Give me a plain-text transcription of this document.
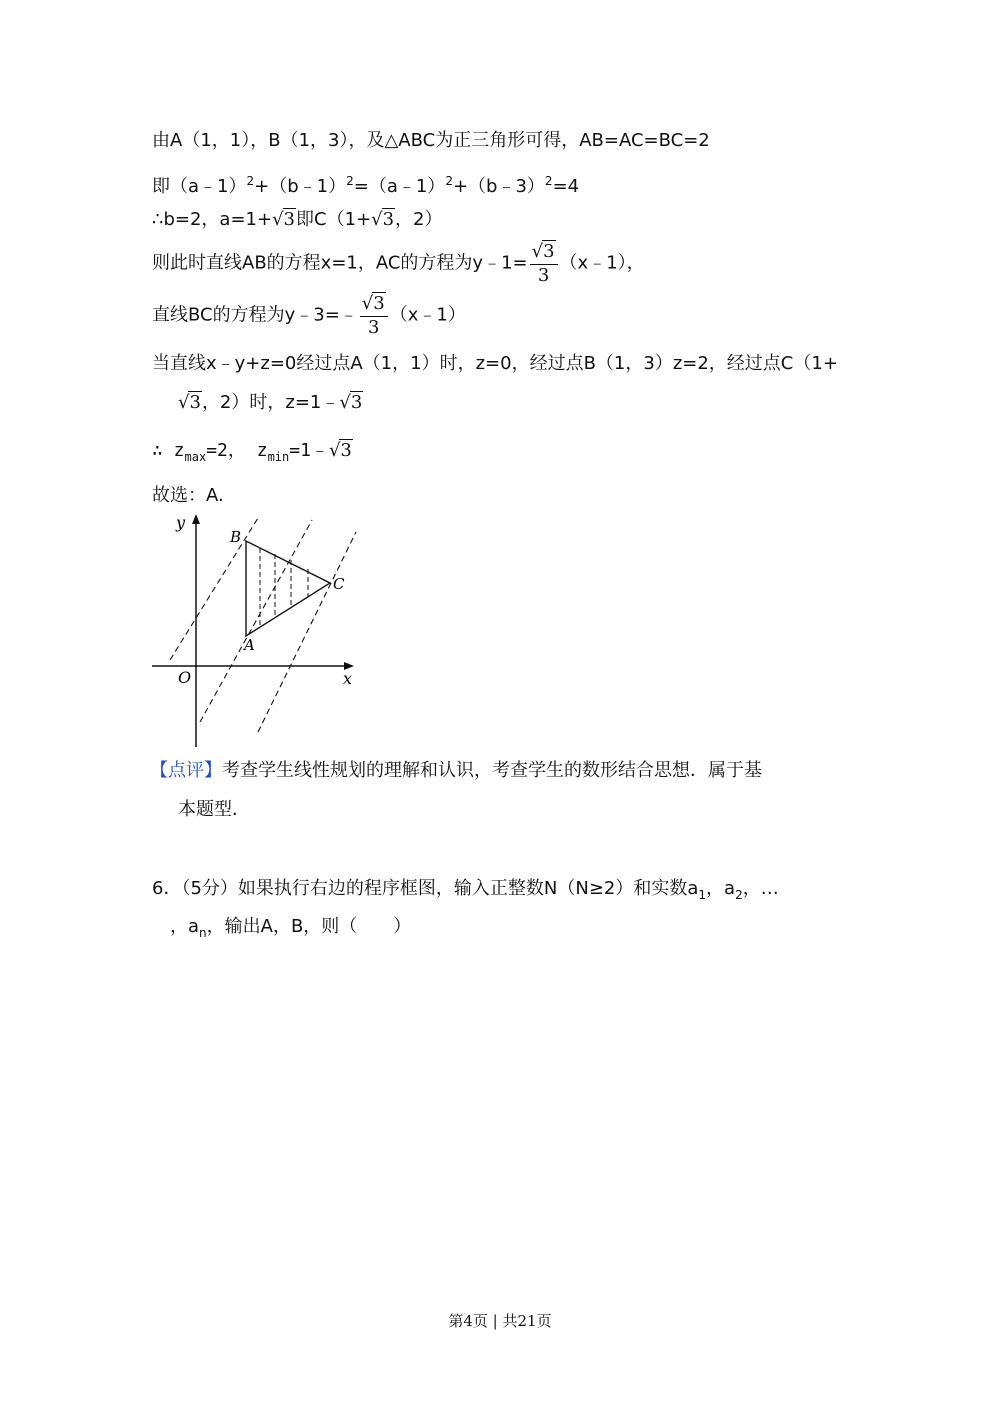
由A（1，1），B（1，3），及△ABC为正三角形可得，AB=AC=BC=2
即（a﹣1）$^2$+（b﹣1）$^2$=（a﹣1）$^2$+（b﹣3）$^2$=4
∴b=2，a=1+√3即C（1+√3，2）
则此时直线AB的方程x=1，AC的方程为y﹣1= $\frac{√3}{3}$ （x﹣1），
直线BC的方程为y﹣3=﹣ $\frac{√3}{3}$ （x﹣1）
当直线x﹣y+z=0经过点A（1，1）时，z=0，经过点B（1，3）z=2，经过点C（1+
√3，2）时，z=1﹣√3
∴ $z_{max}=2$， $z_{min}=1﹣√3$
故选：A.
y
x
O
A
B
C
【点评】考查学生线性规划的理解和认识，考查学生的数形结合思想．属于基
本题型．
6．（5分）如果执行右边的程序框图，输入正整数N（N≥2）和实数$a_1$，$a_2$，…
，$a_n$，输出A，B，则（　　）
第4页 | 共21页
